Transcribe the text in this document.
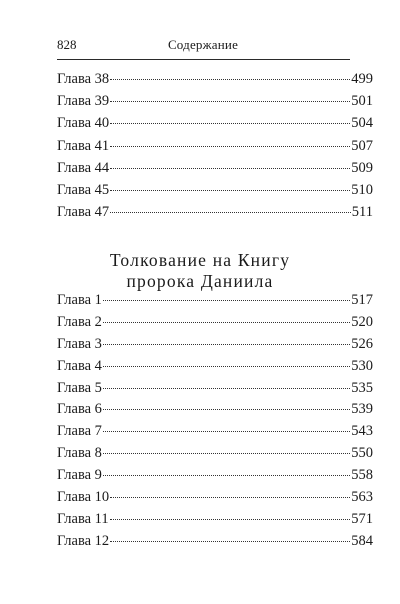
828	Содержание
Глава 38	499
Глава 39	501
Глава 40	504
Глава 41	507
Глава 44	509
Глава 45	510
Глава 47	511
Толкование на Книгу
пророка Даниила
Глава 1	517
Глава 2	520
Глава 3	526
Глава 4	530
Глава 5	535
Глава 6	539
Глава 7	543
Глава 8	550
Глава 9	558
Глава 10	563
Глава 11	571
Глава 12	584
